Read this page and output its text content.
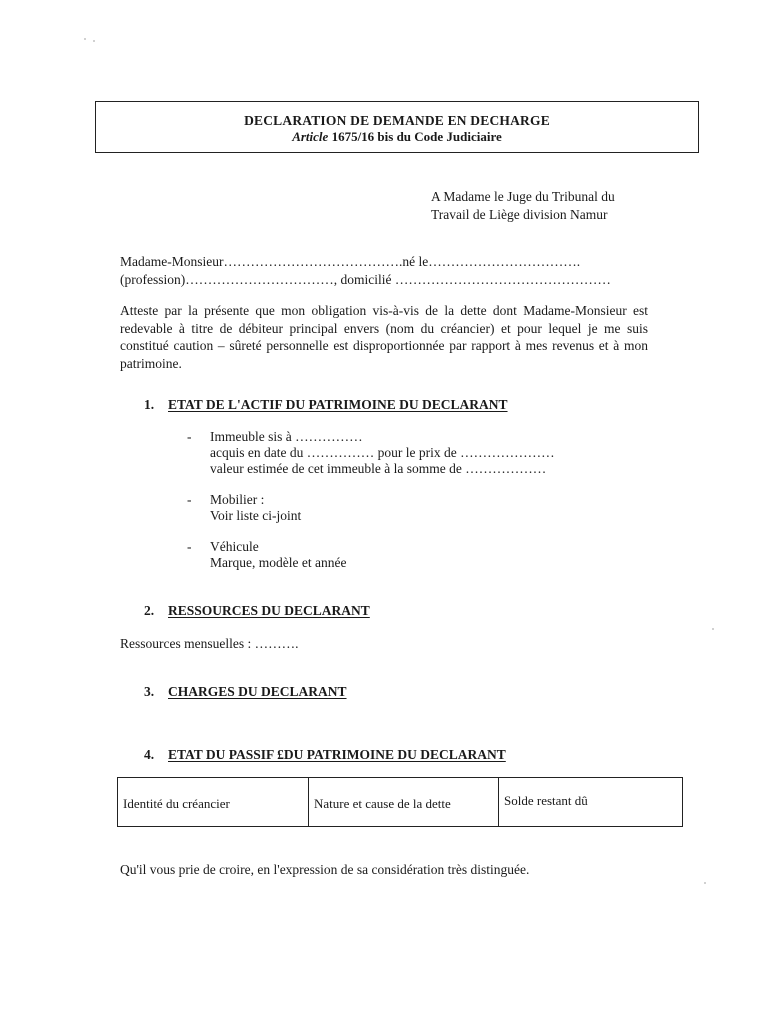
DECLARATION DE DEMANDE EN DECHARGE
Article 1675/16 bis du Code Judiciaire
A Madame le Juge du Tribunal du
Travail de Liège division Namur
Madame-Monsieur………………………………….né le…………………………….
(profession)……………………………, domicilié …………………………………………
Atteste par la présente que mon obligation vis-à-vis de la dette dont Madame-Monsieur est redevable à titre de débiteur principal envers (nom du créancier) et pour lequel je me suis constitué caution – sûreté personnelle est disproportionnée par rapport à mes revenus et à mon patrimoine.
1. ETAT DE L'ACTIF DU PATRIMOINE DU DECLARANT
- Immeuble sis à ……………
acquis en date du …………… pour le prix de …………………
valeur estimée de cet immeuble à la somme de ………………
- Mobilier :
Voir liste ci-joint
- Véhicule
Marque, modèle et année
2. RESSOURCES DU DECLARANT
Ressources mensuelles : ……….
3. CHARGES DU DECLARANT
4. ETAT DU PASSIF £DU PATRIMOINE DU DECLARANT
Identité du créancier	Nature et cause de la dette	Solde restant dû
Qu'il vous prie de croire, en l'expression de sa considération très distinguée.
